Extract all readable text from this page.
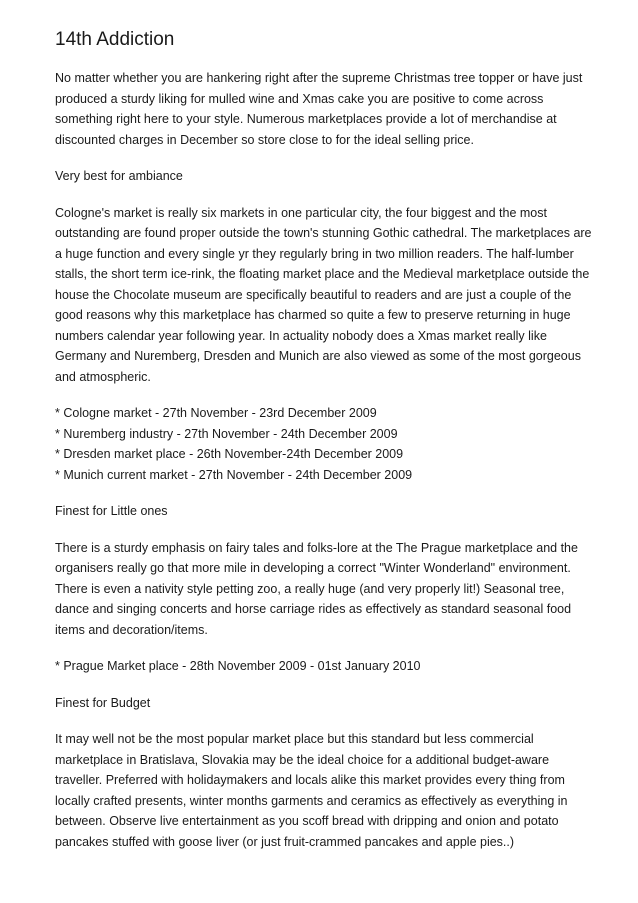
14th Addiction

No matter whether you are hankering right after the supreme Christmas tree topper or have just produced a sturdy liking for mulled wine and Xmas cake you are positive to come across something right here to your style. Numerous marketplaces provide a lot of merchandise at discounted charges in December so store close to for the ideal selling price.

Very best for ambiance

Cologne's market is really six markets in one particular city, the four biggest and the most outstanding are found proper outside the town's stunning Gothic cathedral. The marketplaces are a huge function and every single yr they regularly bring in two million readers. The half-lumber stalls, the short term ice-rink, the floating market place and the Medieval marketplace outside the house the Chocolate museum are specifically beautiful to readers and are just a couple of the good reasons why this marketplace has charmed so quite a few to preserve returning in huge numbers calendar year following year. In actuality nobody does a Xmas market really like Germany and Nuremberg, Dresden and Munich are also viewed as some of the most gorgeous and atmospheric.

* Cologne market - 27th November - 23rd December 2009
* Nuremberg industry - 27th November - 24th December 2009
* Dresden market place - 26th November-24th December 2009
* Munich current market - 27th November - 24th December 2009
Finest for Little ones

There is a sturdy emphasis on fairy tales and folks-lore at the The Prague marketplace and the organisers really go that more mile in developing a correct "Winter Wonderland" environment. There is even a nativity style petting zoo, a really huge (and very properly lit!) Seasonal tree, dance and singing concerts and horse carriage rides as effectively as standard seasonal food items and decoration/items.

* Prague Market place - 28th November 2009 - 01st January 2010
Finest for Budget

It may well not be the most popular market place but this standard but less commercial marketplace in Bratislava, Slovakia may be the ideal choice for a additional budget-aware traveller. Preferred with holidaymakers and locals alike this market provides every thing from locally crafted presents, winter months garments and ceramics as effectively as everything in between. Observe live entertainment as you scoff bread with dripping and onion and potato pancakes stuffed with goose liver (or just fruit-crammed pancakes and apple pies..)
